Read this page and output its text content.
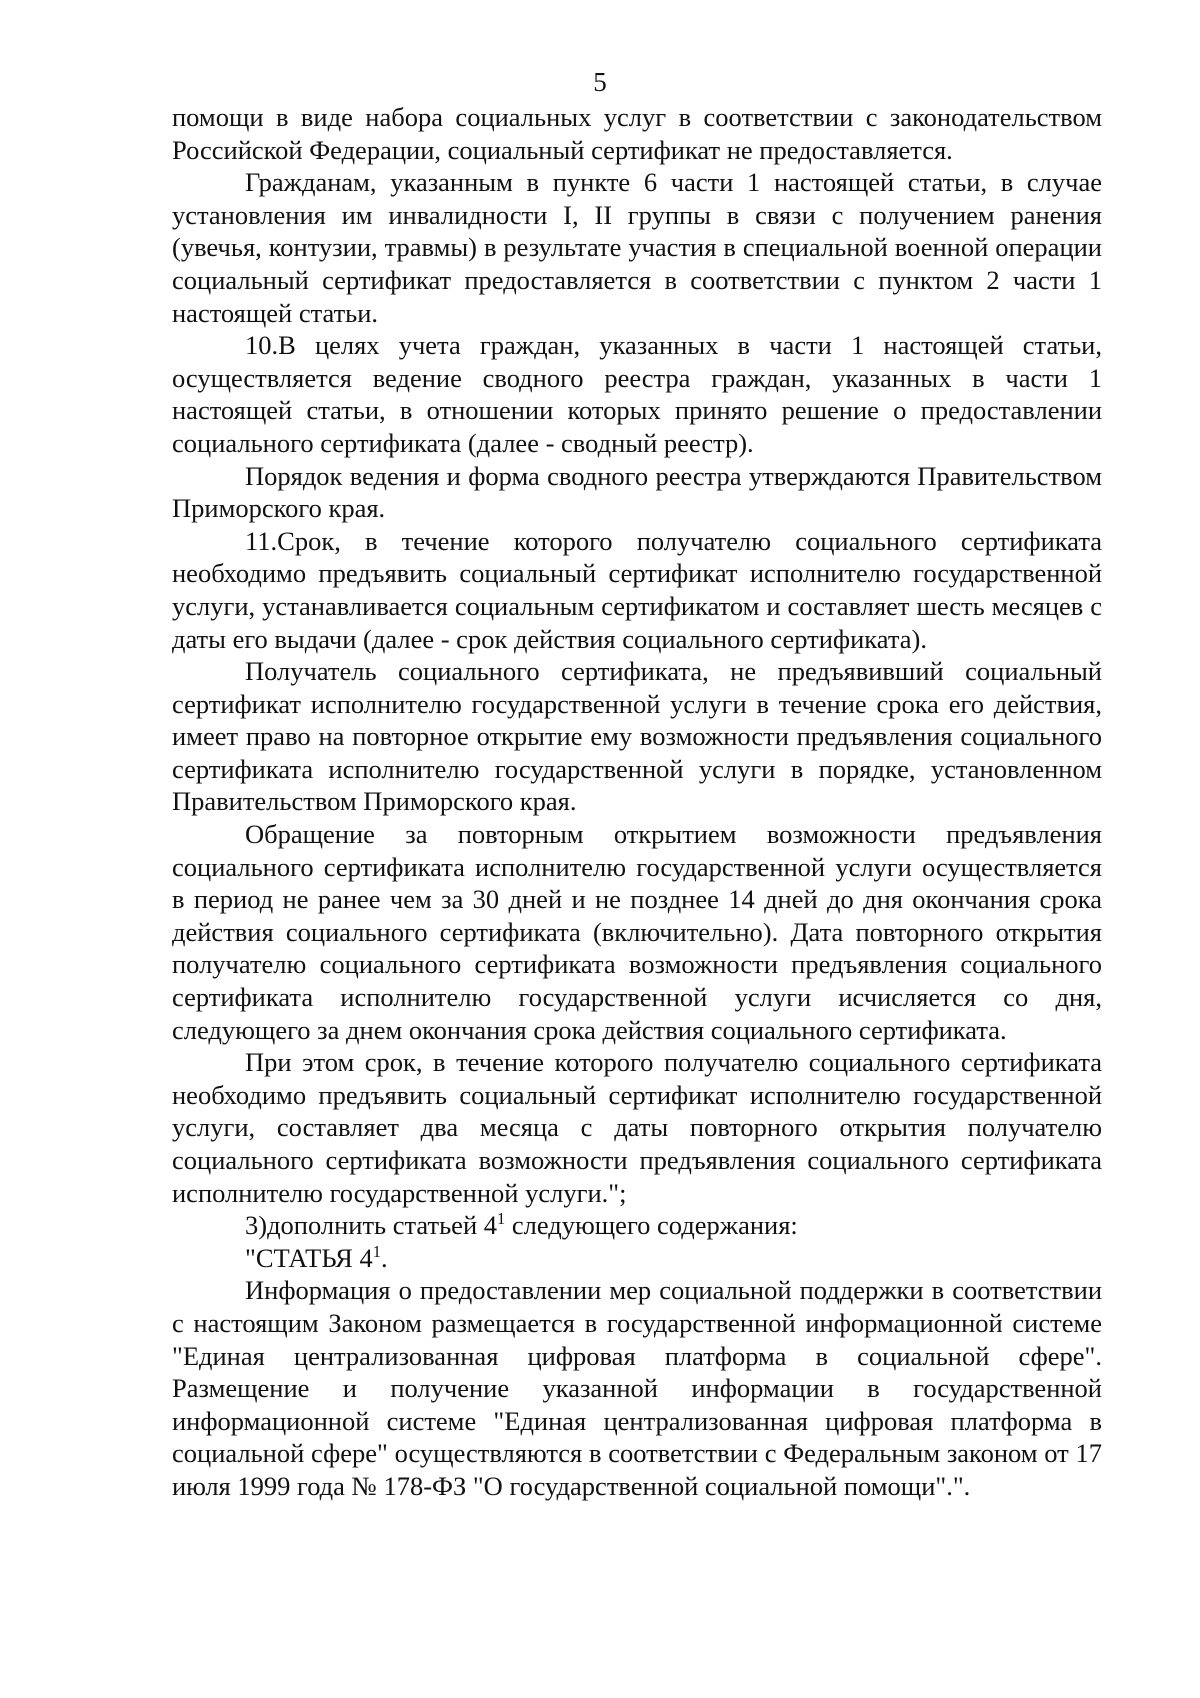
5

помощи в виде набора социальных услуг в соответствии с законодательством Российской Федерации, социальный сертификат не предоставляется.

Гражданам, указанным в пункте 6 части 1 настоящей статьи, в случае установления им инвалидности I, II группы в связи с получением ранения (увечья, контузии, травмы) в результате участия в специальной военной операции социальный сертификат предоставляется в соответствии с пунктом 2 части 1 настоящей статьи.

10.В целях учета граждан, указанных в части 1 настоящей статьи, осуществляется ведение сводного реестра граждан, указанных в части 1 настоящей статьи, в отношении которых принято решение о предоставлении социального сертификата (далее - сводный реестр).

Порядок ведения и форма сводного реестра утверждаются Правительством Приморского края.

11.Срок, в течение которого получателю социального сертификата необходимо предъявить социальный сертификат исполнителю государственной услуги, устанавливается социальным сертификатом и составляет шесть месяцев с даты его выдачи (далее - срок действия социального сертификата).

Получатель социального сертификата, не предъявивший социальный сертификат исполнителю государственной услуги в течение срока его действия, имеет право на повторное открытие ему возможности предъявления социального сертификата исполнителю государственной услуги в порядке, установленном Правительством Приморского края.

Обращение за повторным открытием возможности предъявления социального сертификата исполнителю государственной услуги осуществляется в период не ранее чем за 30 дней и не позднее 14 дней до дня окончания срока действия социального сертификата (включительно). Дата повторного открытия получателю социального сертификата возможности предъявления социального сертификата исполнителю государственной услуги исчисляется со дня, следующего за днем окончания срока действия социального сертификата.

При этом срок, в течение которого получателю социального сертификата необходимо предъявить социальный сертификат исполнителю государственной услуги, составляет два месяца с даты повторного открытия получателю социального сертификата возможности предъявления социального сертификата исполнителю государственной услуги.";

3)дополнить статьей $4^1$ следующего содержания:

"СТАТЬЯ $4^1$.

Информация о предоставлении мер социальной поддержки в соответствии с настоящим Законом размещается в государственной информационной системе "Единая централизованная цифровая платформа в социальной сфере". Размещение и получение указанной информации в государственной информационной системе "Единая централизованная цифровая платформа в социальной сфере" осуществляются в соответствии с Федеральным законом от 17 июля 1999 года № 178-ФЗ "О государственной социальной помощи".".
